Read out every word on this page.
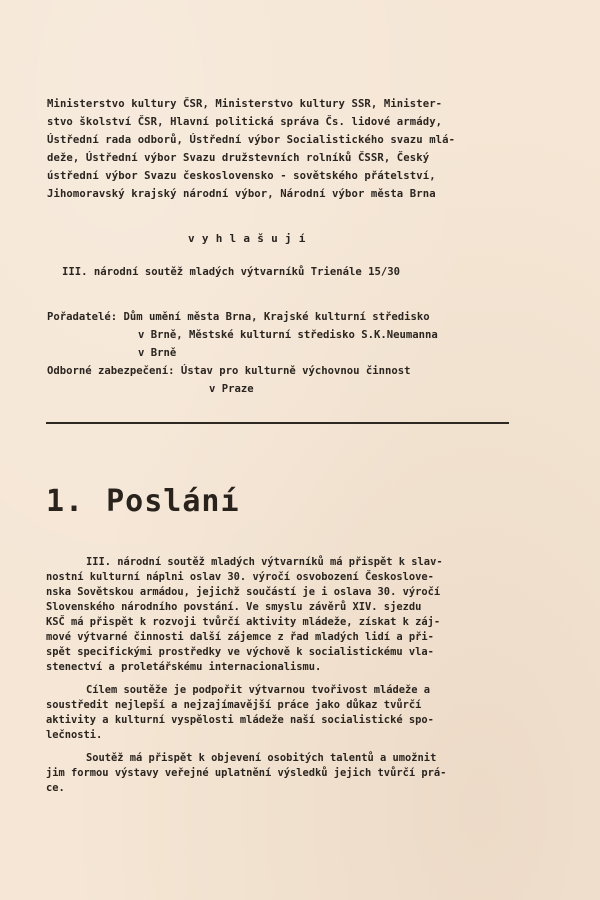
Ministerstvo kultury ČSR, Ministerstvo kultury SSR, Minister-
stvo školství ČSR, Hlavní politická správa Čs. lidové armády,
Ústřední rada odborů, Ústřední výbor Socialistického svazu mlá-
deže, Ústřední výbor Svazu družstevních rolníků ČSSR, Český
ústřední výbor Svazu československo - sovětského přátelství,
Jihomoravský krajský národní výbor, Národní výbor města Brna
v y h l a š u j í
III. národní soutěž mladých výtvarníků Trienále 15/30
Pořadatelé: Dům umění města Brna, Krajské kulturní středisko
v Brně, Městské kulturní středisko S.K.Neumanna
v Brně
Odborné zabezpečení: Ústav pro kulturně výchovnou činnost
v Praze
1. Poslání
III. národní soutěž mladých výtvarníků má přispět k slav-
nostní kulturní náplni oslav 30. výročí osvobození Českoslove-
nska Sovětskou armádou, jejichž součástí je i oslava 30. výročí
Slovenského národního povstání. Ve smyslu závěrů XIV. sjezdu
KSČ má přispět k rozvoji tvůrčí aktivity mládeže, získat k záj-
mové výtvarné činnosti další zájemce z řad mladých lidí a při-
spět specifickými prostředky ve výchově k socialistickému vla-
stenectví a proletářskému internacionalismu.
Cílem soutěže je podpořit výtvarnou tvořivost mládeže a
soustředit nejlepší a nejzajímavější práce jako důkaz tvůrčí
aktivity a kulturní vyspělosti mládeže naší socialistické spo-
lečnosti.
Soutěž má přispět k objevení osobitých talentů a umožnit
jim formou výstavy veřejné uplatnění výsledků jejich tvůrčí prá-
ce.
